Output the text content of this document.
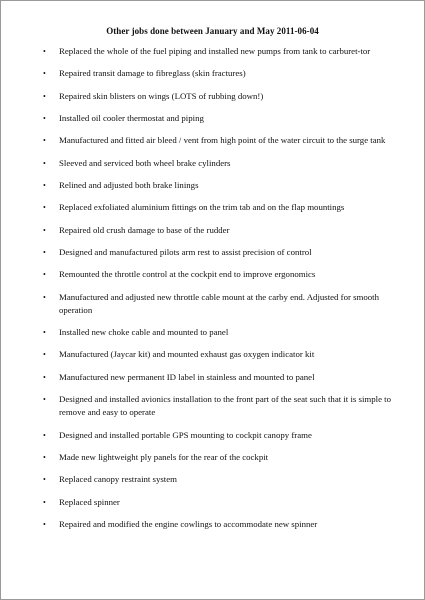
Other jobs done between January and May 2011-06-04
•	Replaced the whole of the fuel piping and installed new pumps from tank to carburet-tor
•	Repaired transit damage to fibreglass (skin fractures)
•	Repaired skin blisters on wings (LOTS of rubbing down!)
•	Installed oil cooler thermostat and piping
•	Manufactured and fitted air bleed / vent from high point of the water circuit to the surge tank
•	Sleeved and serviced both wheel brake cylinders
•	Relined and adjusted both brake linings
•	Replaced exfoliated aluminium fittings on the trim tab and on the flap mountings
•	Repaired old crush damage to base of the rudder
•	Designed and manufactured pilots arm rest to assist precision of control
•	Remounted the throttle control at the cockpit end to improve ergonomics
•	Manufactured and adjusted new throttle cable mount at the carby end. Adjusted for smooth operation
•	Installed new choke cable and mounted to panel
•	Manufactured (Jaycar kit) and mounted exhaust gas oxygen indicator kit
•	Manufactured new permanent ID label in stainless and mounted to panel
•	Designed and installed avionics installation to the front part of the seat such that it is simple to remove and easy to operate
•	Designed and installed portable GPS mounting to cockpit canopy frame
•	Made new lightweight ply panels for the rear of the cockpit
•	Replaced canopy restraint system
•	Replaced spinner
•	Repaired and modified the engine cowlings to accommodate new spinner
